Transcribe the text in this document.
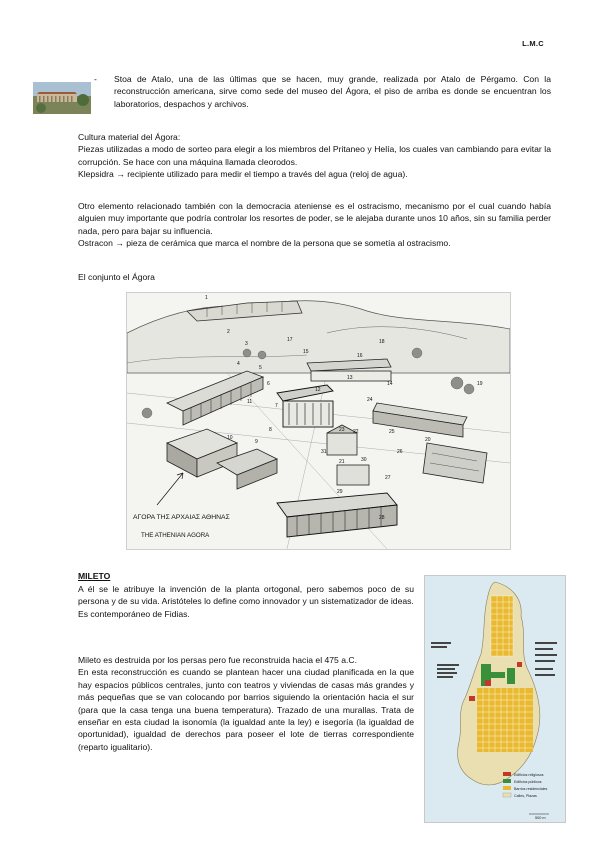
L.M.C
- Stoa de Atalo, una de las últimas que se hacen, muy grande, realizada por Atalo de Pérgamo. Con la reconstrucción americana, sirve como sede del museo del Ágora, el piso de arriba es donde se encuentran los laboratorios, despachos y archivos.

Cultura material del Ágora:

Piezas utilizadas a modo de sorteo para elegir a los miembros del Pritaneo y Helía, los cuales van cambiando para evitar la corrupción. Se hace con una máquina llamada cleorodos.

Klepsidra → recipiente utilizado para medir el tiempo a través del agua (reloj de agua).

Otro elemento relacionado también con la democracia ateniense es el ostracismo, mecanismo por el cual cuando había alguien muy importante que podría controlar los resortes de poder, se le alejaba durante unos 10 años, sin su familia perder nada, pero para bajar su influencia.

Ostracon → pieza de cerámica que marca el nombre de la persona que se sometía al ostracismo.

El conjunto el Ágora

1
2
3
4
5
6
7
8
9
10
11
12
13
14
15
16
17	18
19
20
21
22
23
24
25
26
27
28
29
30
31
ΑΓΟΡΑ ΤΗΣ ΑΡΧΑΙΑΣ ΑΘΗΝΑΣ
THE ATHENIAN AGORA
MILETO

A él se le atribuye la invención de la planta ortogonal, pero sabemos poco de su persona y de su vida. Aristóteles lo define como innovador y un sistematizador de ideas.

Es contemporáneo de Fidias.

Mileto es destruida por los persas pero fue reconstruida hacia el 475 a.C.

En esta reconstrucción es cuando se plantean hacer una ciudad planificada en la que hay espacios públicos centrales, junto con teatros y viviendas de casas más grandes y más pequeñas que se van colocando por barrios siguiendo la orientación hacia el sur (para que la casa tenga una buena temperatura). Trazado de una murallas. Trata de enseñar en esta ciudad la isonomía (la igualdad ante la ley) e isegoría (la igualdad de oportunidad), igualdad de derechos para poseer el lote de tierras correspondiente (reparto igualitario).

Edificios religiosos
Edificios públicos
Barrios residenciales
Calles, Plazas
500 m
